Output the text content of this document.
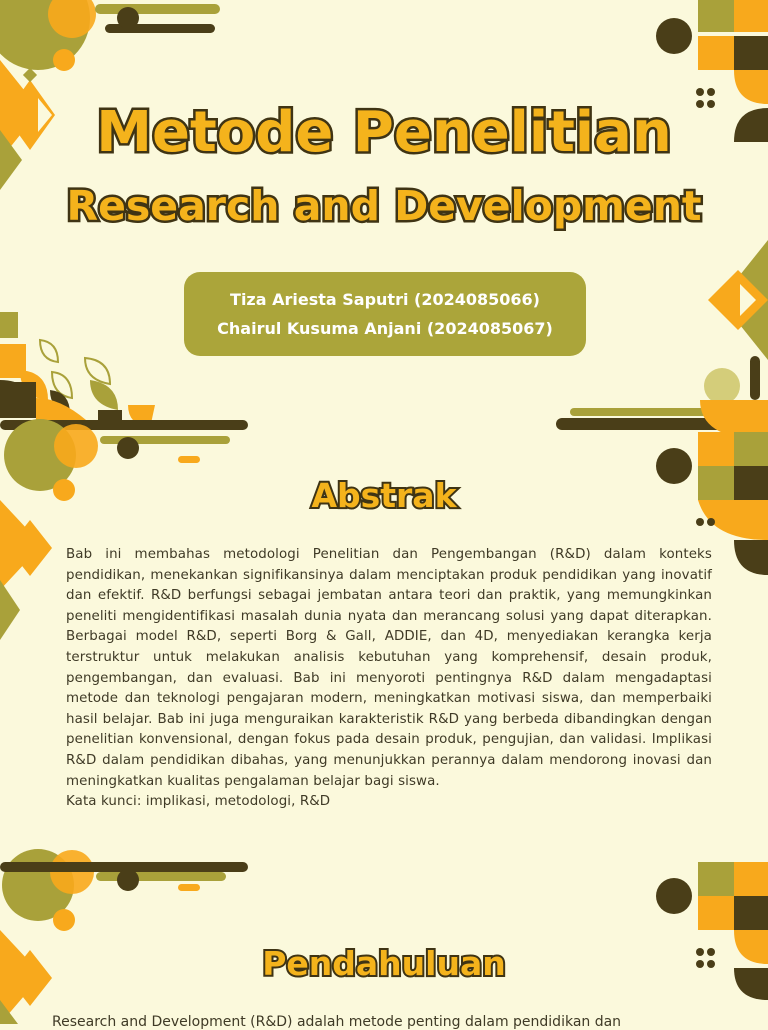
Metode Penelitian
Research and Development
Tiza Ariesta Saputri (2024085066)
Chairul Kusuma Anjani (2024085067)
Abstrak

Bab ini membahas metodologi Penelitian dan Pengembangan (R&D) dalam konteks pendidikan, menekankan signifikansinya dalam menciptakan produk pendidikan yang inovatif dan efektif. R&D berfungsi sebagai jembatan antara teori dan praktik, yang memungkinkan peneliti mengidentifikasi masalah dunia nyata dan merancang solusi yang dapat diterapkan. Berbagai model R&D, seperti Borg & Gall, ADDIE, dan 4D, menyediakan kerangka kerja terstruktur untuk melakukan analisis kebutuhan yang komprehensif, desain produk, pengembangan, dan evaluasi. Bab ini menyoroti pentingnya R&D dalam mengadaptasi metode dan teknologi pengajaran modern, meningkatkan motivasi siswa, dan memperbaiki hasil belajar. Bab ini juga menguraikan karakteristik R&D yang berbeda dibandingkan dengan penelitian konvensional, dengan fokus pada desain produk, pengujian, dan validasi. Implikasi R&D dalam pendidikan dibahas, yang menunjukkan perannya dalam mendorong inovasi dan meningkatkan kualitas pengalaman belajar bagi siswa.

Kata kunci: implikasi, metodologi, R&D

Pendahuluan
Research and Development (R&D) adalah metode penting dalam pendidikan dan
